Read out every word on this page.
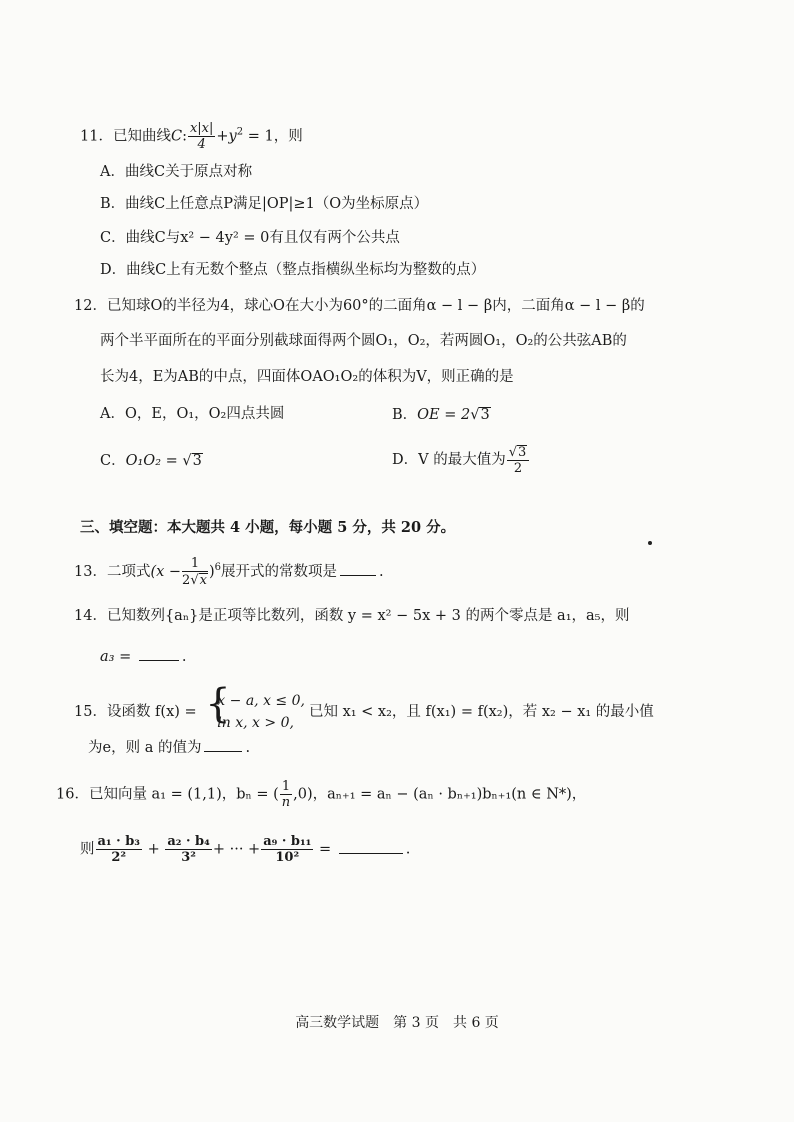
11．已知曲线C: $\frac{x|x|}{4} +y^2 = 1$，则
A．曲线C关于原点对称
B．曲线C上任意点P满足|OP|≥1（O为坐标原点）
C．曲线C与x² − 4y² = 0有且仅有两个公共点
D．曲线C上有无数个整点（整点指横纵坐标均为整数的点）
12．已知球O的半径为4，球心O在大小为60°的二面角α − l − β内，二面角α − l − β的
两个半平面所在的平面分别截球面得两个圆O₁，O₂，若两圆O₁，O₂的公共弦AB的
长为4，E为AB的中点，四面体OAO₁O₂的体积为V，则正确的是
A．O，E，O₁，O₂四点共圆	B．OE = 2√3
C．O₁O₂ = √3	D．V 的最大值为 $\frac{√3}{2}$
三、填空题：本大题共 4 小题，每小题 5 分，共 20 分。
13．二项式$(x - \frac{1}{2√x} )^6$展开式的常数项是	.
14．已知数列{aₙ}是正项等比数列，函数 y = x² − 5x + 3 的两个零点是 a₁，a₅，则
a₃ =	.
15．设函数 f(x) = {
x − a, x ≤ 0,
ln x, x > 0,
已知 x₁ < x₂，且 f(x₁) = f(x₂)，若 x₂ − x₁ 的最小值
为e，则 a 的值为	.
16．已知向量 a₁ = (1,1)，bₙ = ( $\frac{1}{n} ,0$)，aₙ₊₁ = aₙ − (aₙ · bₙ₊₁)bₙ₊₁(n ∈ N*)，
则 $\frac{\text{a₁ · b₃}}{\text{2²}} + \frac{\text{a₂ · b₄}}{\text{3²}}$ + ··· + $\frac{\text{a₉ · b₁₁}}{\text{10²}}$ =	.
高三数学试题　第 3 页　共 6 页
